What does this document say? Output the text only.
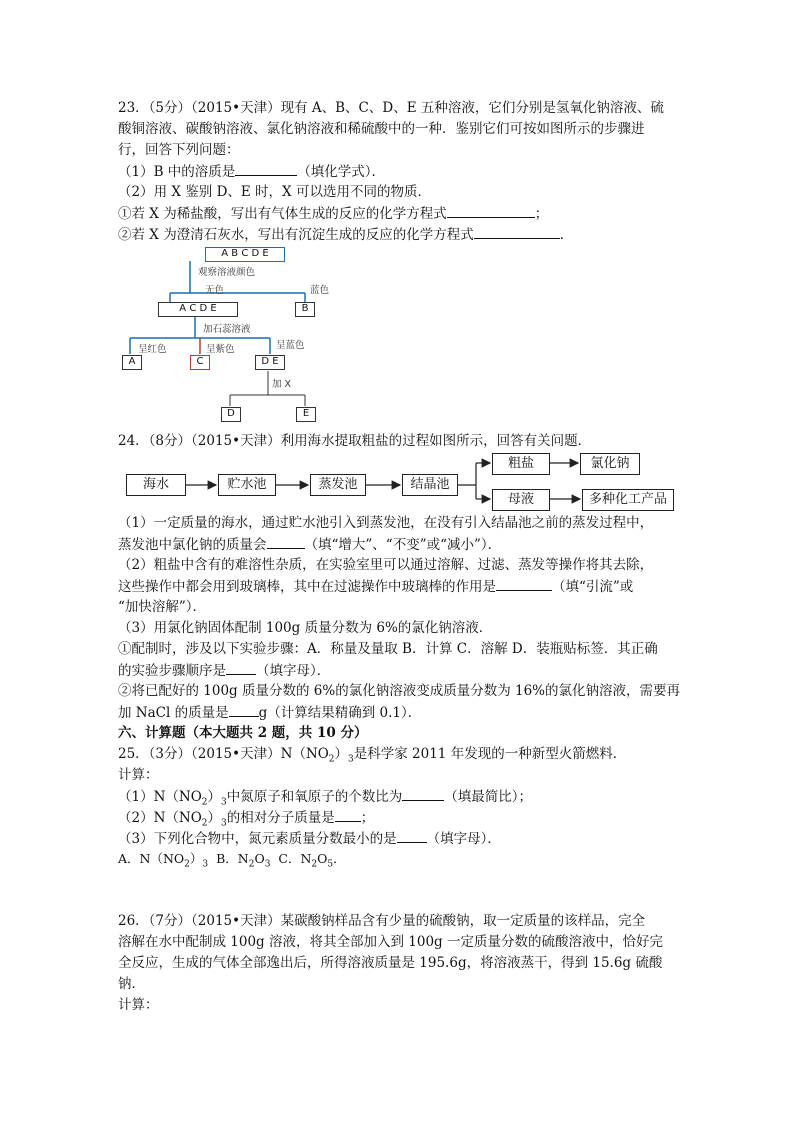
23．（5分）（2015•天津）现有 A、B、C、D、E 五种溶液，它们分别是氢氧化钠溶液、硫
酸铜溶液、碳酸钠溶液、氯化钠溶液和稀硫酸中的一种．鉴别它们可按如图所示的步骤进
行，回答下列问题：
（1）B 中的溶质是	（填化学式）．
（2）用 X 鉴别 D、E 时，X 可以选用不同的物质．
①若 X 为稀盐酸，写出有气体生成的反应的化学方程式	；
②若 X 为澄清石灰水，写出有沉淀生成的反应的化学方程式	．
A B C D E
观察溶液颜色
无色	蓝色
A C D E	B
加石蕊溶液
呈红色	呈紫色	呈蓝色
A	C	D E
加 X
D	E
24．（8分）（2015•天津）利用海水提取粗盐的过程如图所示，回答有关问题．
海水	贮水池	蒸发池	结晶池
粗盐	氯化钠
母液	多种化工产品
（1）一定质量的海水，通过贮水池引入到蒸发池，在没有引入结晶池之前的蒸发过程中，
蒸发池中氯化钠的质量会	（填“增大”、“不变”或“减小”）．
（2）粗盐中含有的难溶性杂质，在实验室里可以通过溶解、过滤、蒸发等操作将其去除，
这些操作中都会用到玻璃棒，其中在过滤操作中玻璃棒的作用是	（填“引流”或
“加快溶解”）．
（3）用氯化钠固体配制 100g 质量分数为 6%的氯化钠溶液．
①配制时，涉及以下实验步骤：A．称量及量取 B．计算 C．溶解 D．装瓶贴标签．其正确
的实验步骤顺序是 （填字母）．
②将已配好的 100g 质量分数的 6%的氯化钠溶液变成质量分数为 16%的氯化钠溶液，需要再
加 NaCl 的质量是 g（计算结果精确到 0.1）．
六、计算题（本大题共 2 题，共 10 分）
25．（3分）（2015•天津）$N(NO_2)_3$是科学家 2011 年发现的一种新型火箭燃料．
计算：
$(1)N(NO_2)_3$中氮原子和氧原子的个数比为	（填最简比）；
$(2)N(NO_2)_3$的相对分子质量是 ；
（3）下列化合物中，氮元素质量分数最小的是 （填字母）．
A．$N(NO_2)_3$  B．$N_2O_3$  C．$N_2O_5$．
26．（7分）（2015•天津）某碳酸钠样品含有少量的硫酸钠，取一定质量的该样品，完全
溶解在水中配制成 100g 溶液，将其全部加入到 100g 一定质量分数的硫酸溶液中，恰好完
全反应，生成的气体全部逸出后，所得溶液质量是 195.6g，将溶液蒸干，得到 15.6g 硫酸
钠．
计算：
